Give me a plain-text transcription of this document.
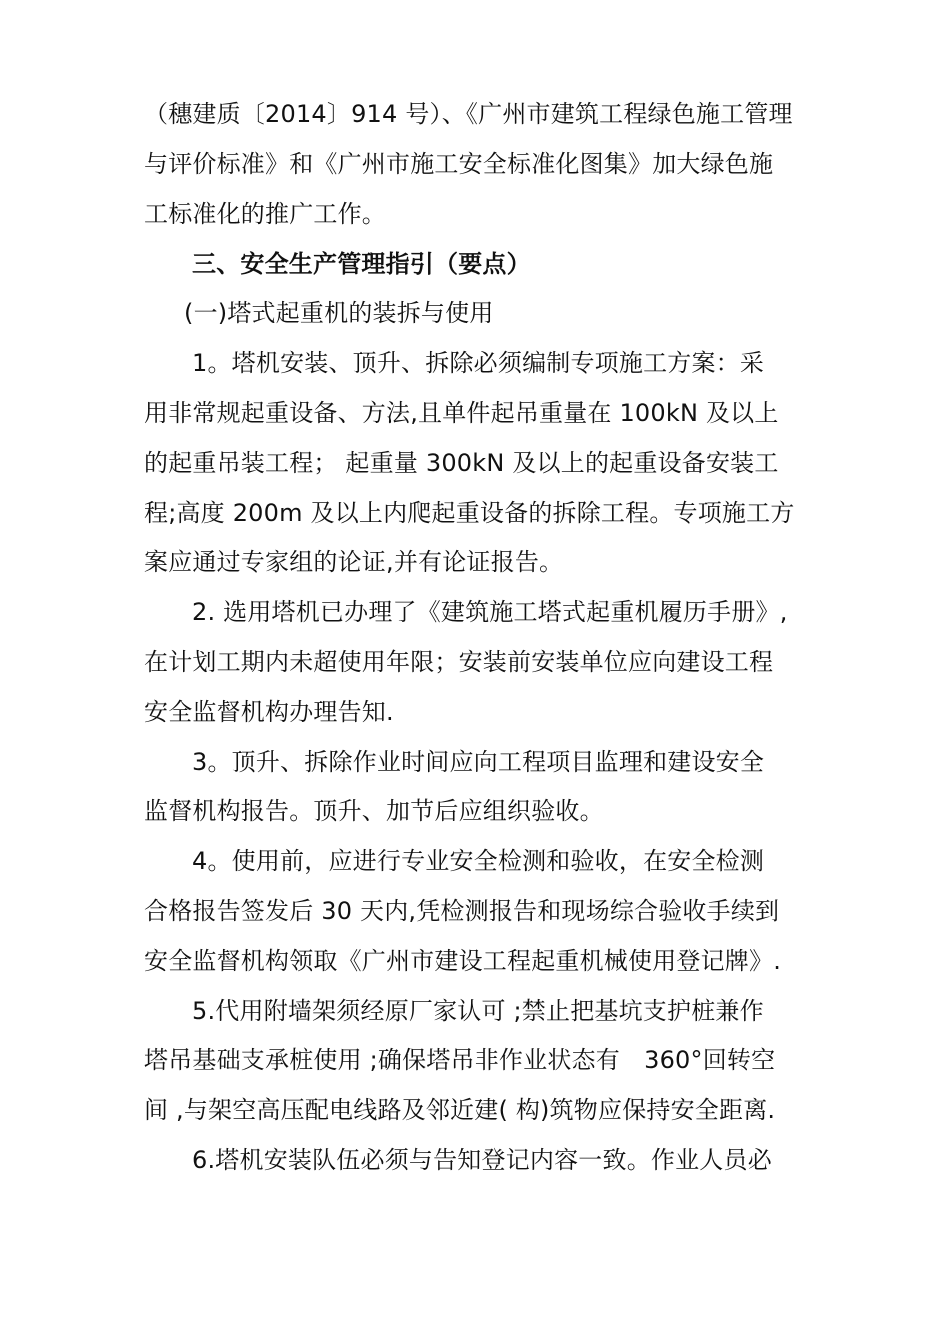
（穗建质〔2014〕914 号）、《广州市建筑工程绿色施工管理
与评价标准》和《广州市施工安全标准化图集》加大绿色施
工标准化的推广工作。
三、安全生产管理指引（要点）
(一)塔式起重机的装拆与使用
1。塔机安装、顶升、拆除必须编制专项施工方案：采
用非常规起重设备、方法,且单件起吊重量在 100kN 及以上
的起重吊装工程； 起重量 300kN 及以上的起重设备安装工
程;高度 200m 及以上内爬起重设备的拆除工程。专项施工方
案应通过专家组的论证,并有论证报告。
2. 选用塔机已办理了《建筑施工塔式起重机履历手册》,
在计划工期内未超使用年限；安装前安装单位应向建设工程
安全监督机构办理告知.
3。顶升、拆除作业时间应向工程项目监理和建设安全
监督机构报告。顶升、加节后应组织验收。
4。使用前，应进行专业安全检测和验收，在安全检测
合格报告签发后 30 天内,凭检测报告和现场综合验收手续到
安全监督机构领取《广州市建设工程起重机械使用登记牌》.
5.代用附墙架须经原厂家认可 ;禁止把基坑支护桩兼作
塔吊基础支承桩使用 ;确保塔吊非作业状态有　360°回转空
间 ,与架空高压配电线路及邻近建( 构)筑物应保持安全距离.
6.塔机安装队伍必须与告知登记内容一致。作业人员必
